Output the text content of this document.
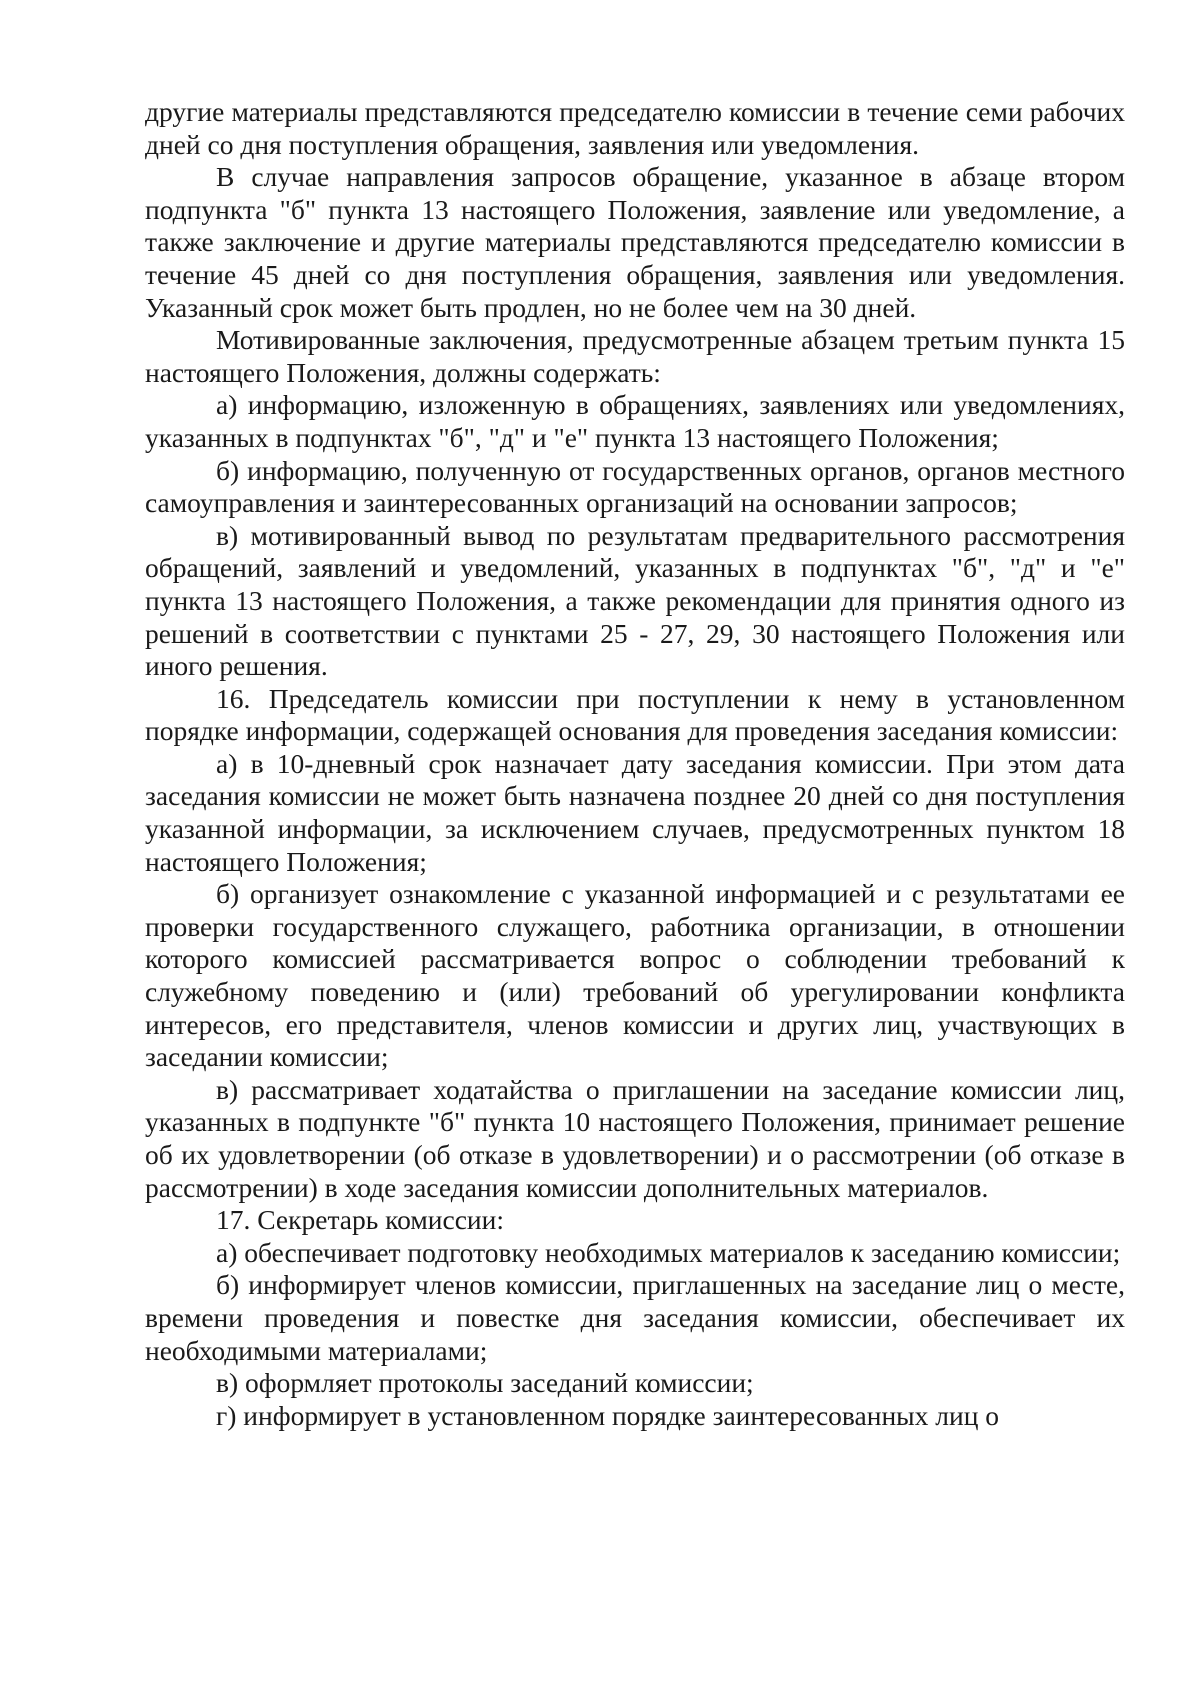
другие материалы представляются председателю комиссии в течение семи рабочих дней со дня поступления обращения, заявления или уведомления.

В случае направления запросов обращение, указанное в абзаце втором подпункта "б" пункта 13 настоящего Положения, заявление или уведомление, а также заключение и другие материалы представляются председателю комиссии в течение 45 дней со дня поступления обращения, заявления или уведомления. Указанный срок может быть продлен, но не более чем на 30 дней.

Мотивированные заключения, предусмотренные абзацем третьим пункта 15 настоящего Положения, должны содержать:

а) информацию, изложенную в обращениях, заявлениях или уведомлениях, указанных в подпунктах "б", "д" и "е" пункта 13 настоящего Положения;

б) информацию, полученную от государственных органов, органов местного самоуправления и заинтересованных организаций на основании запросов;

в) мотивированный вывод по результатам предварительного рассмотрения обращений, заявлений и уведомлений, указанных в подпунктах "б", "д" и "е" пункта 13 настоящего Положения, а также рекомендации для принятия одного из решений в соответствии с пунктами 25 - 27, 29, 30 настоящего Положения или иного решения.

16. Председатель комиссии при поступлении к нему в установленном порядке информации, содержащей основания для проведения заседания комиссии:

а) в 10-дневный срок назначает дату заседания комиссии. При этом дата заседания комиссии не может быть назначена позднее 20 дней со дня поступления указанной информации, за исключением случаев, предусмотренных пунктом 18 настоящего Положения;

б) организует ознакомление с указанной информацией и с результатами ее проверки государственного служащего, работника организации, в отношении которого комиссией рассматривается вопрос о соблюдении требований к служебному поведению и (или) требований об урегулировании конфликта интересов, его представителя, членов комиссии и других лиц, участвующих в заседании комиссии;

в) рассматривает ходатайства о приглашении на заседание комиссии лиц, указанных в подпункте "б" пункта 10 настоящего Положения, принимает решение об их удовлетворении (об отказе в удовлетворении) и о рассмотрении (об отказе в рассмотрении) в ходе заседания комиссии дополнительных материалов.

17. Секретарь комиссии:

а) обеспечивает подготовку необходимых материалов к заседанию комиссии;

б) информирует членов комиссии, приглашенных на заседание лиц о месте, времени проведения и повестке дня заседания комиссии, обеспечивает их необходимыми материалами;

в) оформляет протоколы заседаний комиссии;

г) информирует в установленном порядке заинтересованных лиц о
